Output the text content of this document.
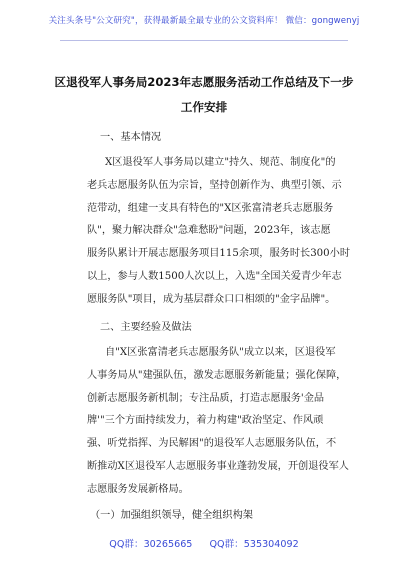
关注头条号"公文研究"，获得最新最全最专业的公文资料库！ 微信：gongwenyj
区退役军人事务局2023年志愿服务活动工作总结及下一步
工作安排
一、基本情况
X区退役军人事务局以建立"持久、规范、制度化"的
老兵志愿服务队伍为宗旨，坚持创新作为、典型引领、示
范带动，组建一支具有特色的"X区张富清老兵志愿服务
队"，聚力解决群众"急难愁盼"问题，2023年，该志愿
服务队累计开展志愿服务项目115余项，服务时长300小时
以上，参与人数1500人次以上，入选"全国关爱青少年志
愿服务队"项目，成为基层群众口口相颂的"金字品牌"。
二、主要经验及做法
自"X区张富清老兵志愿服务队"成立以来，区退役军
人事务局从"建强队伍，激发志愿服务新能量；强化保障，
创新志愿服务新机制；专注品质，打造志愿服务'金品
牌'"三个方面持续发力，着力构建"政治坚定、作风顽
强、听党指挥、为民解困"的退役军人志愿服务队伍，不
断推动X区退役军人志愿服务事业蓬勃发展，开创退役军人
志愿服务发展新格局。
（一）加强组织领导，健全组织构架
QQ群：30265665 QQ群：535304092
